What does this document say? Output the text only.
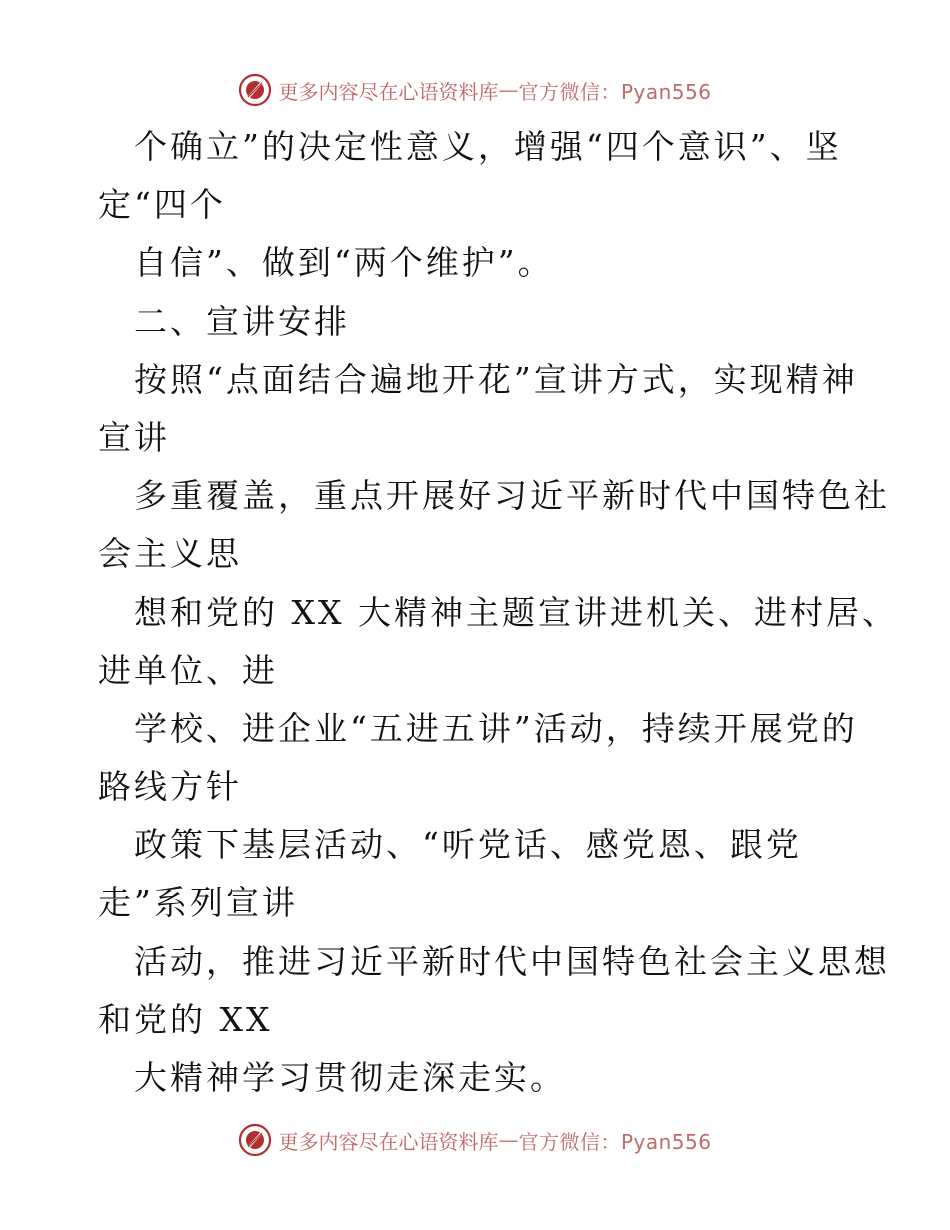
更多内容尽在心语资料库 — 官方微信：Pyan556
个确立”的决定性意义，增强“四个意识”、坚
定“四个
自信”、做到“两个维护”。
二、宣讲安排
按照“点面结合遍地开花”宣讲方式，实现精神
宣讲
多重覆盖，重点开展好习近平新时代中国特色社
会主义思
想和党的 XX 大精神主题宣讲进机关、进村居、
进单位、进
学校、进企业“五进五讲”活动，持续开展党的
路线方针
政策下基层活动、“听党话、感党恩、跟党
走”系列宣讲
活动，推进习近平新时代中国特色社会主义思想
和党的 XX
大精神学习贯彻走深走实。
更多内容尽在心语资料库 — 官方微信：Pyan556
